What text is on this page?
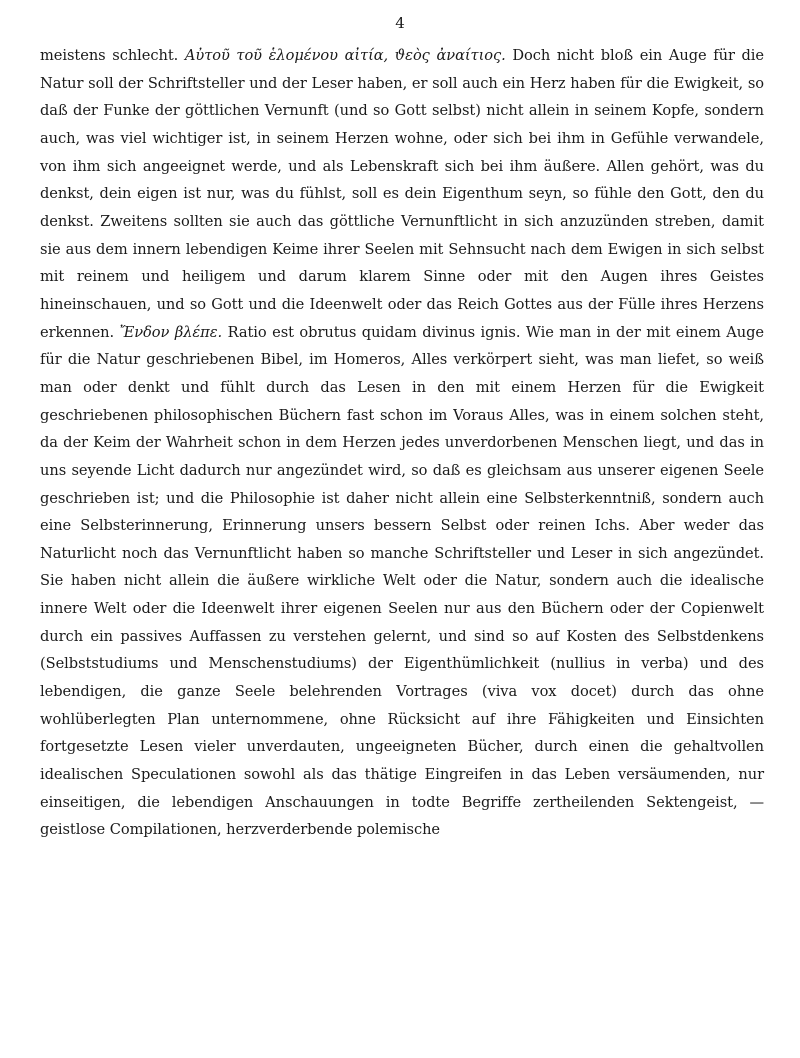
4
meistens schlecht. Αὐτοῦ τοῦ ἑλομένου αἰτία, ϑεὸς ἀναίτιος. Doch nicht bloß ein Auge für die Natur soll der Schriftsteller und der Leser haben, er soll auch ein Herz haben für die Ewigkeit, so daß der Funke der göttlichen Vernunft (und so Gott selbst) nicht allein in seinem Kopfe, sondern auch, was viel wichtiger ist, in seinem Herzen wohne, oder sich bei ihm in Gefühle verwandele, von ihm sich angeeignet werde, und als Lebenskraft sich bei ihm äußere. Allen gehört, was du denkst, dein eigen ist nur, was du fühlst, soll es dein Eigenthum seyn, so fühle den Gott, den du denkst. Zweitens sollten sie auch das göttliche Vernunftlicht in sich anzuzünden streben, damit sie aus dem innern lebendigen Keime ihrer Seelen mit Sehnsucht nach dem Ewigen in sich selbst mit reinem und heiligem und darum klarem Sinne oder mit den Augen ihres Geistes hineinschauen, und so Gott und die Ideenwelt oder das Reich Gottes aus der Fülle ihres Herzens erkennen. Ἔνδον βλέπε. Ratio est obrutus quidam divinus ignis. Wie man in der mit einem Auge für die Natur geschriebenen Bibel, im Homeros, Alles verkörpert sieht, was man liefet, so weiß man oder denkt und fühlt durch das Lesen in den mit einem Herzen für die Ewigkeit geschriebenen philosophischen Büchern fast schon im Voraus Alles, was in einem solchen steht, da der Keim der Wahrheit schon in dem Herzen jedes unverdorbenen Menschen liegt, und das in uns seyende Licht dadurch nur angezündet wird, so daß es gleichsam aus unserer eigenen Seele geschrieben ist; und die Philosophie ist daher nicht allein eine Selbsterkenntniß, sondern auch eine Selbsterinnerung, Erinnerung unsers bessern Selbst oder reinen Ichs. Aber weder das Naturlicht noch das Vernunftlicht haben so manche Schriftsteller und Leser in sich angezündet. Sie haben nicht allein die äußere wirkliche Welt oder die Natur, sondern auch die idealische innere Welt oder die Ideenwelt ihrer eigenen Seelen nur aus den Büchern oder der Copienwelt durch ein passives Auffassen zu verstehen gelernt, und sind so auf Kosten des Selbstdenkens (Selbststudiums und Menschenstudiums) der Eigenthümlichkeit (nullius in verba) und des lebendigen, die ganze Seele belehrenden Vortrages (viva vox docet) durch das ohne wohlüberlegten Plan unternommene, ohne Rücksicht auf ihre Fähigkeiten und Einsichten fortgesetzte Lesen vieler unverdauten, ungeeigneten Bücher, durch einen die gehaltvollen idealischen Speculationen sowohl als das thätige Eingreifen in das Leben versäumenden, nur einseitigen, die lebendigen Anschauungen in todte Begriffe zertheilenden Sektengeist, — geistlose Compilationen, herzverderbende polemische
